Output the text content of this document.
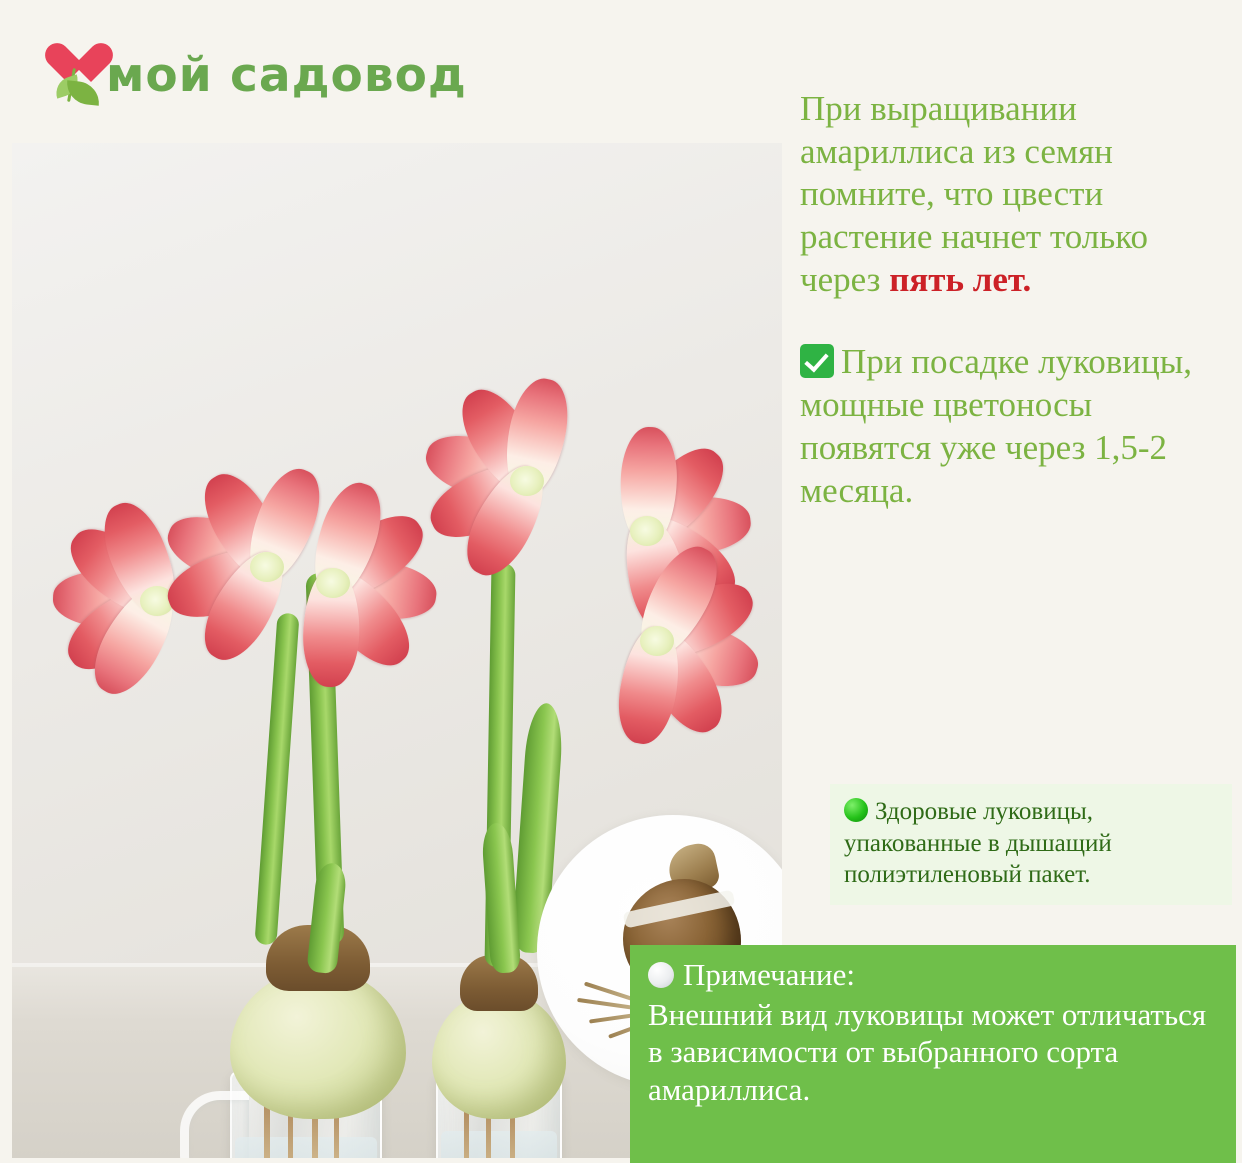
мой садовод
При выращивании амариллиса из семян помните, что цвести растение начнет только через пять лет.
При посадке луковицы, мощные цветоносы появятся уже через 1,5-2 месяца.
Здоровые луковицы, упакованные в дышащий полиэтиленовый пакет.
Примечание:
Внешний вид луковицы может отличаться в зависимости от выбранного сорта амариллиса.
